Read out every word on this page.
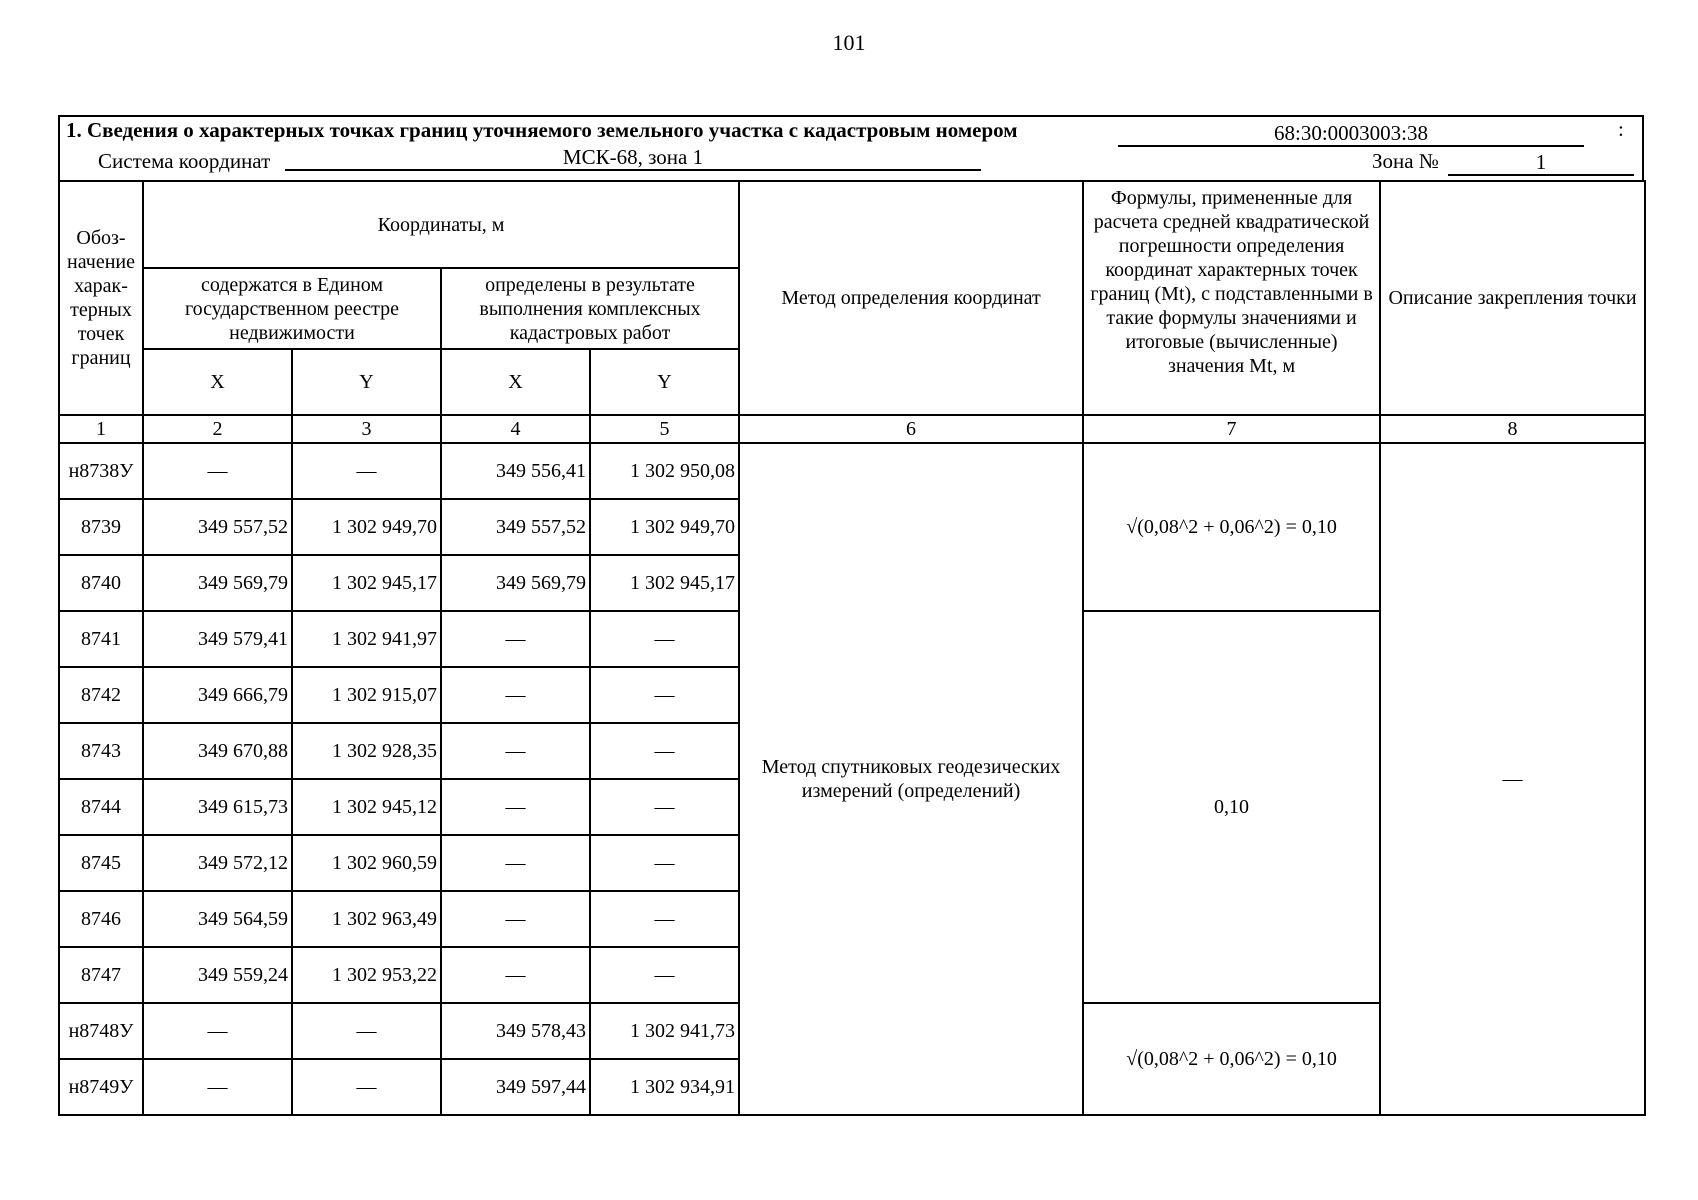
101
1. Сведения о характерных точках границ уточняемого земельного участка с кадастровым номером	68:30:0003003:38	:
Система координат	МСК-68, зона 1	Зона №	1
Обоз-начение харак-терных точек границ	Координаты, м				Метод определения координат	Формулы, примененные для расчета средней квадратической погрешности определения координат характерных точек границ (Mt), с подставленными в такие формулы значениями и итоговые (вычисленные) значения Mt, м	Описание закрепления точки
	содержатся в Едином государственном реестре недвижимости		определены в результате выполнения комплексных кадастровых работ				
	X	Y	X	Y			
1	2	3	4	5	6	7	8
н8738У	—	—	349 556,41	1 302 950,08	Метод спутниковых геодезических измерений (определений)	√(0,08^2 + 0,06^2) = 0,10	—
8739	349 557,52	1 302 949,70	349 557,52	1 302 949,70			
8740	349 569,79	1 302 945,17	349 569,79	1 302 945,17			
8741	349 579,41	1 302 941,97	—	—		0,10	
8742	349 666,79	1 302 915,07	—	—			
8743	349 670,88	1 302 928,35	—	—			
8744	349 615,73	1 302 945,12	—	—			
8745	349 572,12	1 302 960,59	—	—			
8746	349 564,59	1 302 963,49	—	—			
8747	349 559,24	1 302 953,22	—	—			
н8748У	—	—	349 578,43	1 302 941,73		√(0,08^2 + 0,06^2) = 0,10	
н8749У	—	—	349 597,44	1 302 934,91			
